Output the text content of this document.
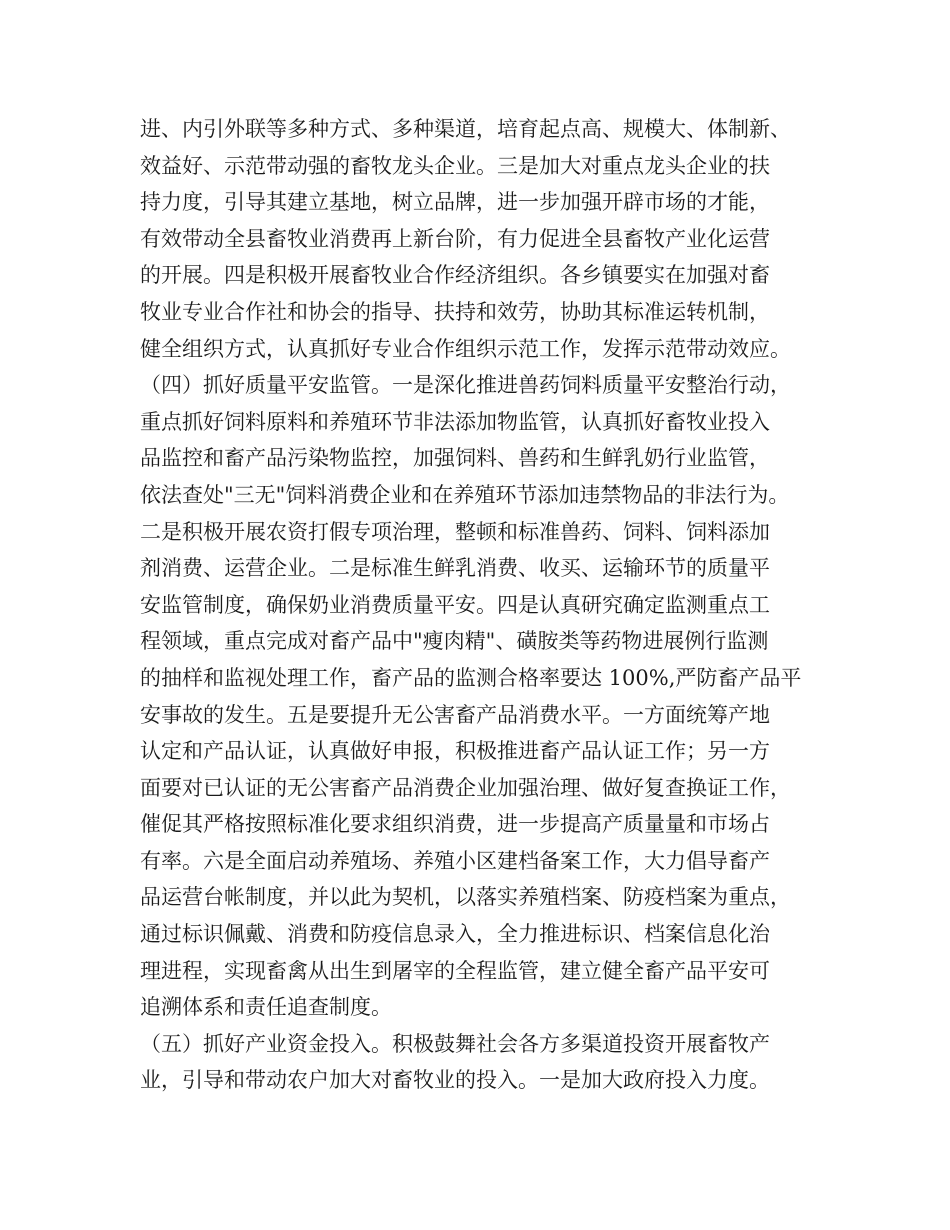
进、内引外联等多种方式、多种渠道，培育起点高、规模大、体制新、
效益好、示范带动强的畜牧龙头企业。三是加大对重点龙头企业的扶
持力度，引导其建立基地，树立品牌，进一步加强开辟市场的才能，
有效带动全县畜牧业消费再上新台阶，有力促进全县畜牧产业化运营
的开展。四是积极开展畜牧业合作经济组织。各乡镇要实在加强对畜
牧业专业合作社和协会的指导、扶持和效劳，协助其标准运转机制，
健全组织方式，认真抓好专业合作组织示范工作，发挥示范带动效应。
（四）抓好质量平安监管。一是深化推进兽药饲料质量平安整治行动，
重点抓好饲料原料和养殖环节非法添加物监管，认真抓好畜牧业投入
品监控和畜产品污染物监控，加强饲料、兽药和生鲜乳奶行业监管，
依法查处"三无"饲料消费企业和在养殖环节添加违禁物品的非法行为。
二是积极开展农资打假专项治理，整顿和标准兽药、饲料、饲料添加
剂消费、运营企业。二是标准生鲜乳消费、收买、运输环节的质量平
安监管制度，确保奶业消费质量平安。四是认真研究确定监测重点工
程领域，重点完成对畜产品中"瘦肉精"、磺胺类等药物进展例行监测
的抽样和监视处理工作，畜产品的监测合格率要达 100%,严防畜产品平
安事故的发生。五是要提升无公害畜产品消费水平。一方面统筹产地
认定和产品认证，认真做好申报，积极推进畜产品认证工作；另一方
面要对已认证的无公害畜产品消费企业加强治理、做好复查换证工作，
催促其严格按照标准化要求组织消费，进一步提高产质量量和市场占
有率。六是全面启动养殖场、养殖小区建档备案工作，大力倡导畜产
品运营台帐制度，并以此为契机，以落实养殖档案、防疫档案为重点，
通过标识佩戴、消费和防疫信息录入，全力推进标识、档案信息化治
理进程，实现畜禽从出生到屠宰的全程监管，建立健全畜产品平安可
追溯体系和责任追查制度。
（五）抓好产业资金投入。积极鼓舞社会各方多渠道投资开展畜牧产
业，引导和带动农户加大对畜牧业的投入。一是加大政府投入力度。
